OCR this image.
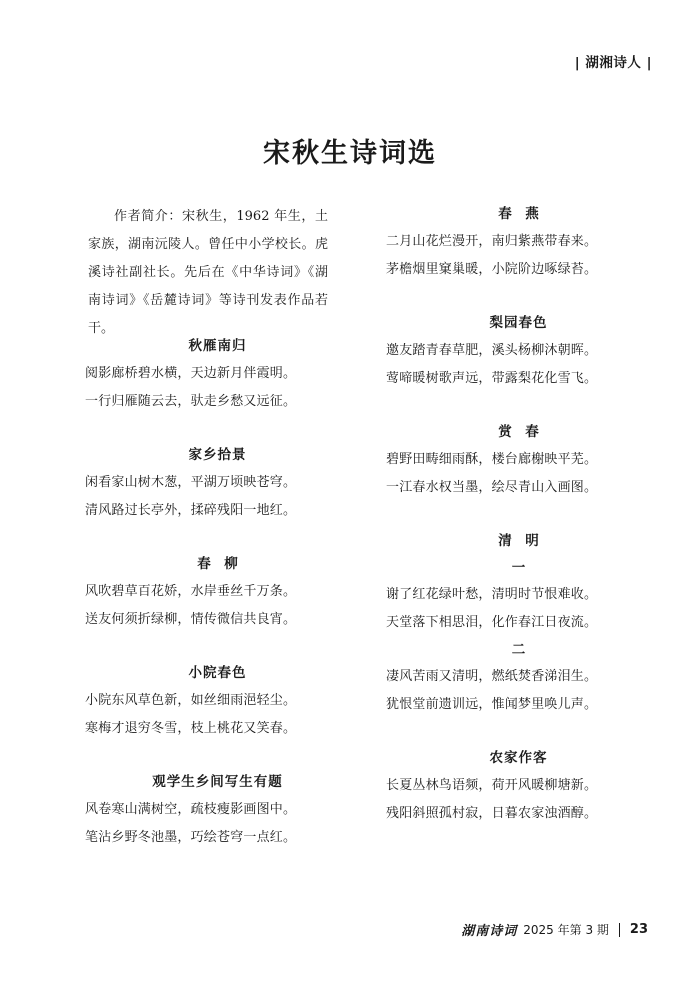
| 湖湘诗人 |
宋秋生诗词选

作者简介：宋秋生，1962 年生，土家族，湖南沅陵人。曾任中小学校长。虎溪诗社副社长。先后在《中华诗词》《湖南诗词》《岳麓诗词》等诗刊发表作品若干。

秋雁南归
阅影廊桥碧水横，天边新月伴霞明。
一行归雁随云去，驮走乡愁又远征。
家乡拾景
闲看家山树木葱，平湖万顷映苍穹。
清风路过长亭外，揉碎残阳一地红。
春柳
风吹碧草百花娇，水岸垂丝千万条。
送友何须折绿柳，情传微信共良宵。
小院春色
小院东风草色新，如丝细雨浥轻尘。
寒梅才退穷冬雪，枝上桃花又笑春。
观学生乡间写生有题
风卷寒山满树空，疏枝瘦影画图中。
笔沾乡野冬池墨，巧绘苍穹一点红。
春燕
二月山花烂漫开，南归紫燕带春来。
茅檐烟里窠巢暖，小院阶边啄绿苔。
梨园春色
邀友踏青春草肥，溪头杨柳沐朝晖。
莺啼暖树歌声远，带露梨花化雪飞。
赏春
碧野田畴细雨酥，楼台廊榭映平芜。
一江春水权当墨，绘尽青山入画图。
清明
一
谢了红花绿叶愁，清明时节恨难收。
天堂落下相思泪，化作春江日夜流。
二
凄风苦雨又清明，燃纸焚香涕泪生。
犹恨堂前遗训远，惟闻梦里唤儿声。
农家作客
长夏丛林鸟语频，荷开风暖柳塘新。
残阳斜照孤村寂，日暮农家浊酒醇。
湖南诗词 2025 年第 3 期 23
